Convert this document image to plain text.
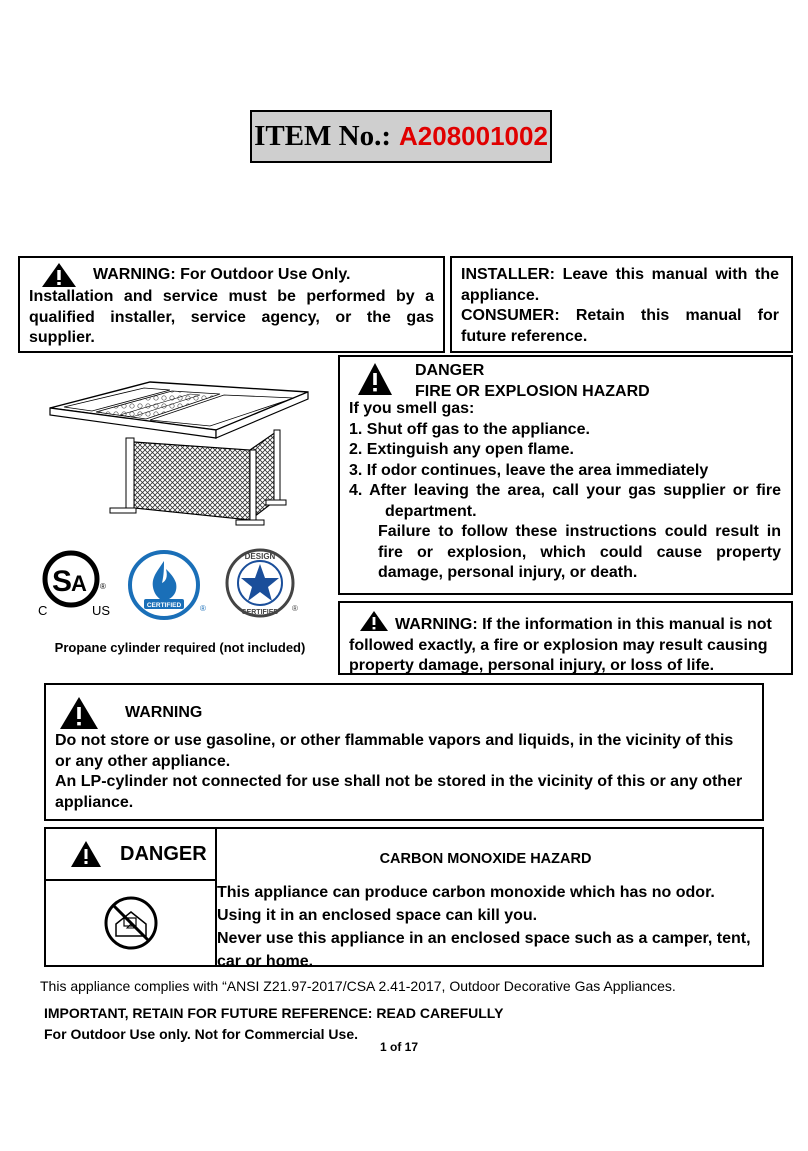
ITEM No.: A208001002
WARNING: For Outdoor Use Only.

Installation and service must be performed by a qualified installer, service agency, or the gas supplier.

INSTALLER: Leave this manual with the appliance.

CONSUMER: Retain this manual for future reference.

DANGER
FIRE OR EXPLOSION HAZARD

If you smell gas:

1. Shut off gas to the appliance.

2. Extinguish any open flame.

3. If odor continues, leave the area immediately

4. After leaving the area, call your gas supplier or fire

department.

Failure to follow these instructions could result in fire or explosion, which could cause property damage, personal injury, or death.

WARNING: If the information in this manual is not followed exactly, a fire or explosion may result causing property damage, personal injury, or loss of life.

S
A ®
C	US	CERTIFIED ®
DESIGN
CERTIFIED ®
Propane cylinder required (not included)
WARNING

Do not store or use gasoline, or other flammable vapors and liquids, in the vicinity of this or any other appliance.

An LP-cylinder not connected for use shall not be stored in the vicinity of this or any other appliance.

DANGER	CARBON MONOXIDE HAZARD

This appliance can produce carbon monoxide which has no odor.

Using it in an enclosed space can kill you.

Never use this appliance in an enclosed space such as a camper, tent, car or home.

This appliance complies with “ANSI Z21.97-2017/CSA 2.41-2017, Outdoor Decorative Gas Appliances.
IMPORTANT, RETAIN FOR FUTURE REFERENCE: READ CAREFULLY
For Outdoor Use only. Not for Commercial Use.
1 of 17
